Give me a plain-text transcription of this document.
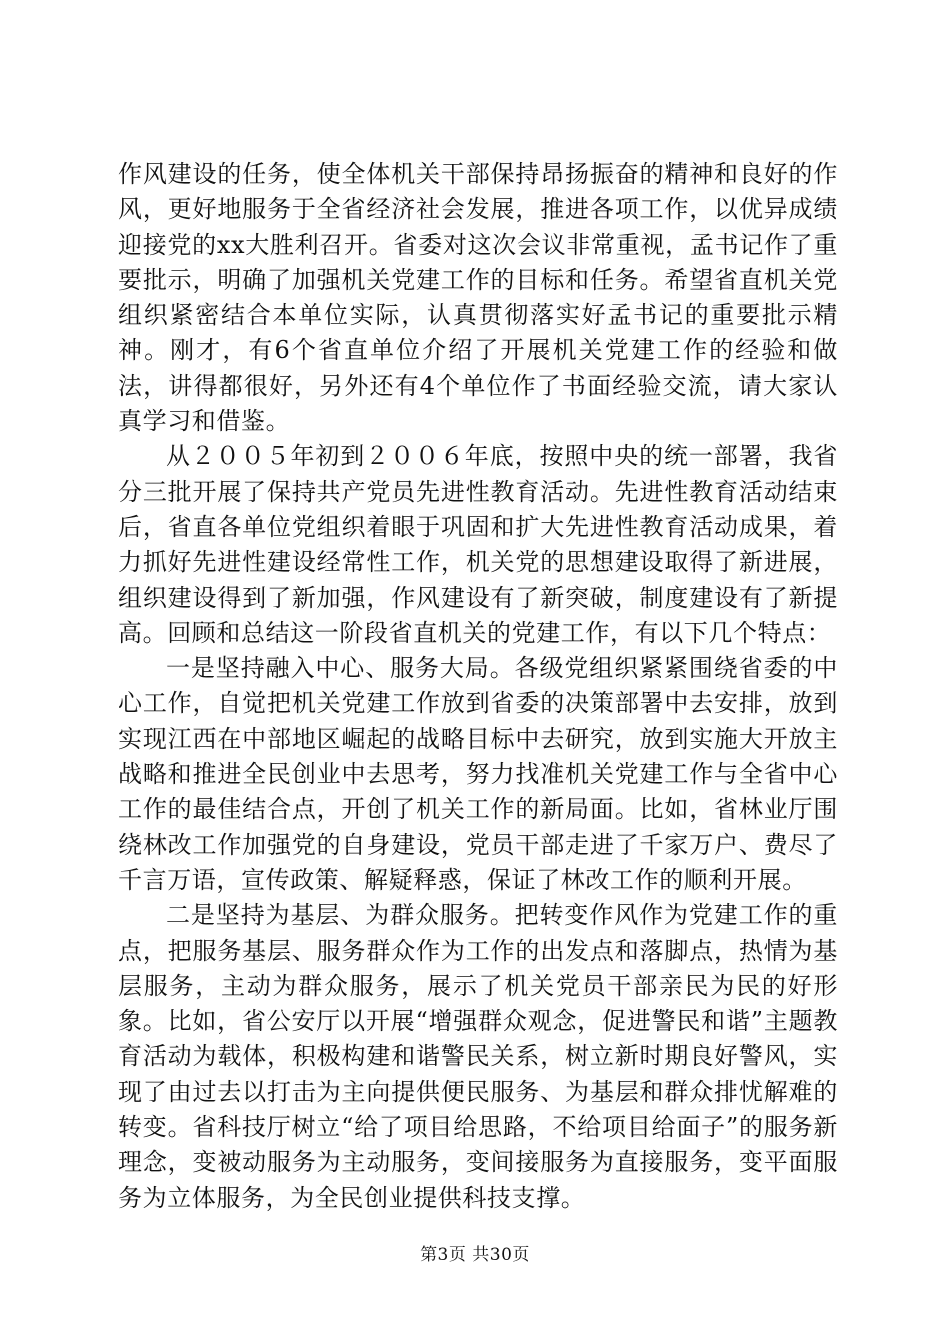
作风建设的任务，使全体机关干部保持昂扬振奋的精神和良好的作风，更好地服务于全省经济社会发展，推进各项工作，以优异成绩迎接党的xx大胜利召开。省委对这次会议非常重视，孟书记作了重要批示，明确了加强机关党建工作的目标和任务。希望省直机关党组织紧密结合本单位实际，认真贯彻落实好孟书记的重要批示精神。刚才，有6个省直单位介绍了开展机关党建工作的经验和做法，讲得都很好，另外还有4个单位作了书面经验交流，请大家认真学习和借鉴。

从２００５年初到２００６年底，按照中央的统一部署，我省分三批开展了保持共产党员先进性教育活动。先进性教育活动结束后，省直各单位党组织着眼于巩固和扩大先进性教育活动成果，着力抓好先进性建设经常性工作，机关党的思想建设取得了新进展，组织建设得到了新加强，作风建设有了新突破，制度建设有了新提高。回顾和总结这一阶段省直机关的党建工作，有以下几个特点：

一是坚持融入中心、服务大局。各级党组织紧紧围绕省委的中心工作，自觉把机关党建工作放到省委的决策部署中去安排，放到实现江西在中部地区崛起的战略目标中去研究，放到实施大开放主战略和推进全民创业中去思考，努力找准机关党建工作与全省中心工作的最佳结合点，开创了机关工作的新局面。比如，省林业厅围绕林改工作加强党的自身建设，党员干部走进了千家万户、费尽了千言万语，宣传政策、解疑释惑，保证了林改工作的顺利开展。

二是坚持为基层、为群众服务。把转变作风作为党建工作的重点，把服务基层、服务群众作为工作的出发点和落脚点，热情为基层服务，主动为群众服务，展示了机关党员干部亲民为民的好形象。比如，省公安厅以开展“增强群众观念，促进警民和谐”主题教育活动为载体，积极构建和谐警民关系，树立新时期良好警风，实现了由过去以打击为主向提供便民服务、为基层和群众排忧解难的转变。省科技厅树立“给了项目给思路，不给项目给面子”的服务新理念，变被动服务为主动服务，变间接服务为直接服务，变平面服务为立体服务，为全民创业提供科技支撑。

第3页 共30页
